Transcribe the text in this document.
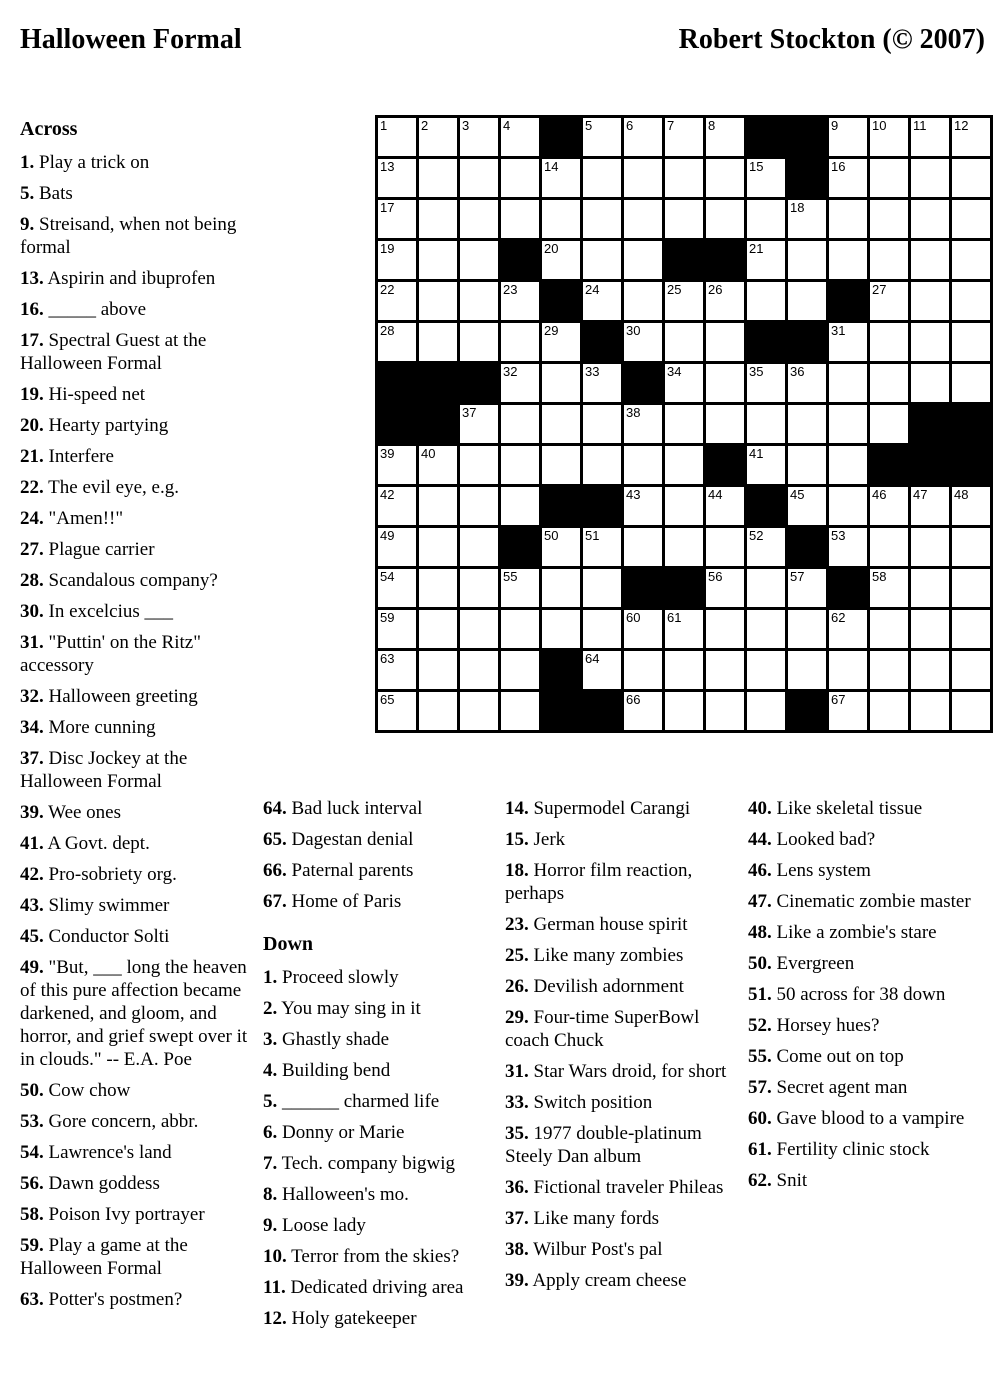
Halloween Formal	Robert Stockton (© 2007)
1	2	3	4	5	6	7	8	9	10 11 12
13	14	15	16
17	18
19	20	21
22	23	24	25 26	27
28	29	30	31
32	33	34	35 36
37	38
39 40	41
42	43	44	45	46 47 48
49	50 51	52	53
54	55	56	57	58
59	60 61	62
63	64
65	66	67
Across
1. Play a trick on
5. Bats
9. Streisand, when not being formal
13. Aspirin and ibuprofen
16. _____ above
17. Spectral Guest at the Halloween Formal
19. Hi-speed net
20. Hearty partying
21. Interfere
22. The evil eye, e.g.
24. "Amen!!"
27. Plague carrier
28. Scandalous company?
30. In excelcius ___
31. "Puttin' on the Ritz" accessory
32. Halloween greeting
34. More cunning
37. Disc Jockey at the Halloween Formal
39. Wee ones
41. A Govt. dept.
42. Pro-sobriety org.
43. Slimy swimmer
45. Conductor Solti
49. "But, ___ long the heaven of this pure affection became darkened, and gloom, and horror, and grief swept over it in clouds." -- E.A. Poe
50. Cow chow
53. Gore concern, abbr.
54. Lawrence's land
56. Dawn goddess
58. Poison Ivy portrayer
59. Play a game at the Halloween Formal
63. Potter's postmen?
64. Bad luck interval
65. Dagestan denial
66. Paternal parents
67. Home of Paris
Down
1. Proceed slowly
2. You may sing in it
3. Ghastly shade
4. Building bend
5. ______ charmed life
6. Donny or Marie
7. Tech. company bigwig
8. Halloween's mo.
9. Loose lady
10. Terror from the skies?
11. Dedicated driving area
12. Holy gatekeeper
14. Supermodel Carangi
15. Jerk
18. Horror film reaction, perhaps
23. German house spirit
25. Like many zombies
26. Devilish adornment
29. Four-time SuperBowl coach Chuck
31. Star Wars droid, for short
33. Switch position
35. 1977 double-platinum Steely Dan album
36. Fictional traveler Phileas
37. Like many fords
38. Wilbur Post's pal
39. Apply cream cheese
40. Like skeletal tissue
44. Looked bad?
46. Lens system
47. Cinematic zombie master
48. Like a zombie's stare
50. Evergreen
51. 50 across for 38 down
52. Horsey hues?
55. Come out on top
57. Secret agent man
60. Gave blood to a vampire
61. Fertility clinic stock
62. Snit
